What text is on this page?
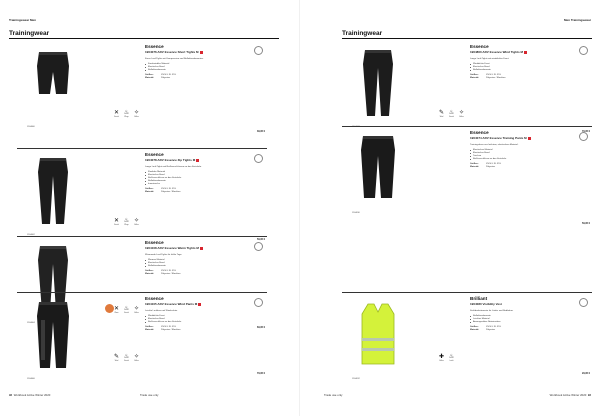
Trainingswear Men
Trainingwear
1904000
Essence
1904076 ADV Essence Short Tights M
Kurze Lauf-Tights mit Kompression und Reflektorelementen.
Komfortables Material
Elastischer Bund
Reflektorelemente
Größen:	XS M L XL XXL
Material:	Polyester
✕
Stretch
♨
Pflege
✧
Reflex
39,95 €
1904002
Essence
1904078 ADV Essence Zip Tights M
Lange Lauf-Tights mit Reißverschlüssen an den Knöcheln.
Flexibles Material
Elastischer Bund
Reißverschlüsse an den Knöcheln
Reflektorelemente
Innentasche
Größen:	XS M L XL XXL
Material:	Polyester / Elasthan
✕
Stretch
♨
Pflege
✧
Reflex
59,95 €
1904004
Essence
1904108 ADV Essence Warm Tights M
Wärmende Lauf-Tights für kühle Tage.
Warmes Material
Elastischer Bund
Reflektorelemente
Größen:	XS M L XL XXL
Material:	Polyester / Elasthan
✕
Warm
♨
Stretch
✧
Reflex
69,95 €
1904006
Essence
1904105 ADV Essence Wind Pants M
Leichte Laufhose mit Windschutz.
Winddichte Front
Elastischer Bund
Reißverschlüsse an den Knöcheln
Größen:	XS M L XL XXL
Material:	Polyester / Elasthan
✎
Wind
♨
Stretch
✧
Reflex
79,95 €
92 Workbook Active Winter 2020	Trade use only
Men Trainingswear
Trainingwear
1904008
Essence
1904800 ADV Essence Wind Tights M
Lange Lauf-Tights mit winddichter Front.
Winddichte Front
Elastischer Bund
Reflektorelemente
Größen:	XS M L XL XXL
Material:	Polyester / Elasthan
✎
Wind
♨
Stretch
✧
Reflex
79,95 €
1904010
Essence
1904074 ADV Essence Training Pants M
Trainingshose aus leichtem, elastischem Material.
Elastisches Material
Elastischer Bund
Taschen
Reißverschlüsse an den Knöcheln
Größen:	XS M L XL XXL
Material:	Polyester
59,95 €
1904012
Brilliant
1904080 Visibility Vest
Sichtbarkeitsweste für Läufer und Radfahrer.
Reflektorelemente
Leichtes Material
Atmungsaktive Netzeinsätze
Größen:	XS M L XL XXL
Material:	Polyester
✚
Reflex
♨
Leicht
29,95 €
Trade use only	Workbook Active Winter 2020 93
